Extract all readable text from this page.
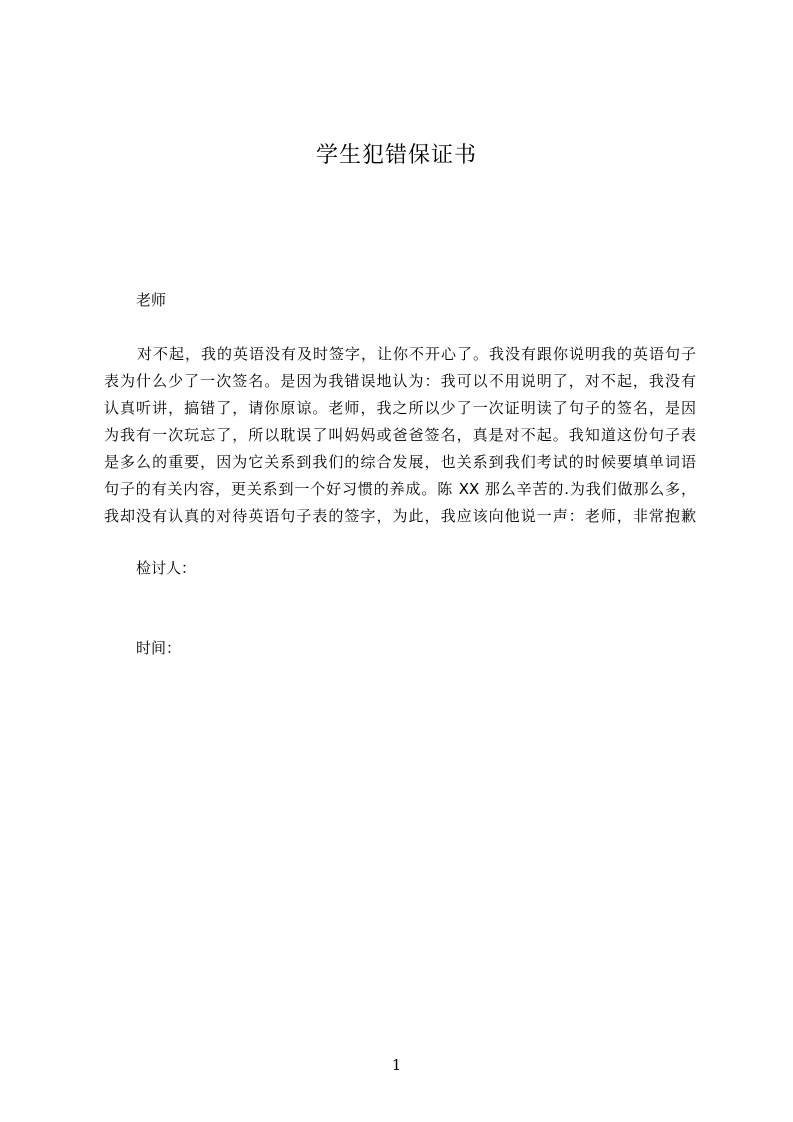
学生犯错保证书
老师
对不起，我的英语没有及时签字，让你不开心了。我没有跟你说明我的英语句子
表为什么少了一次签名。是因为我错误地认为：我可以不用说明了，对不起，我没有
认真听讲，搞错了，请你原谅。老师，我之所以少了一次证明读了句子的签名，是因
为我有一次玩忘了，所以耽误了叫妈妈或爸爸签名，真是对不起。我知道这份句子表
是多么的重要，因为它关系到我们的综合发展，也关系到我们考试的时候要填单词语
句子的有关内容，更关系到一个好习惯的养成。陈 XX 那么辛苦的.为我们做那么多，
我却没有认真的对待英语句子表的签字，为此，我应该向他说一声：老师，非常抱歉
检讨人：
时间：
1
